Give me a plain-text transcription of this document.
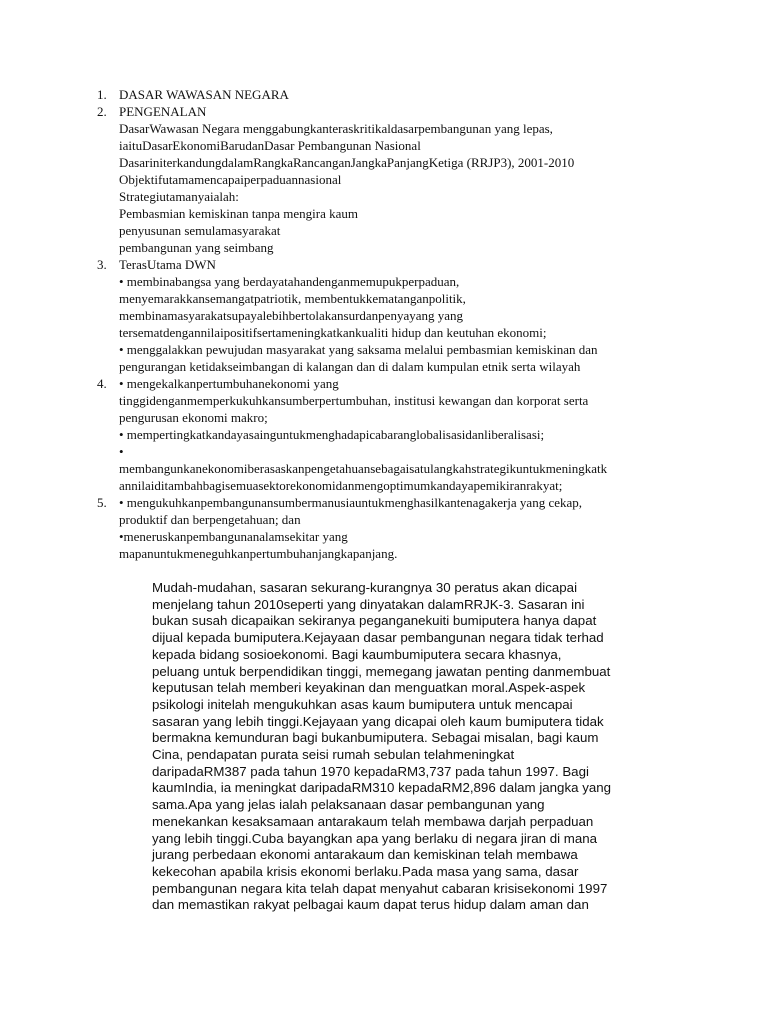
1. DASAR WAWASAN NEGARA
2. PENGENALAN
DasarWawasan Negara menggabungkanteraskritikaldasarpembangunan yang lepas,
iaituDasarEkonomiBarudanDasar Pembangunan Nasional
DasariniterkandungdalamRangkaRancanganJangkaPanjangKetiga (RRJP3), 2001-2010
Objektifutamamencapaiperpaduannasional
Strategiutamanyaialah:
Pembasmian kemiskinan tanpa mengira kaum
penyusunan semulamasyarakat
pembangunan yang seimbang
3. TerasUtama DWN
• membinabangsa yang berdayatahandenganmemupukperpaduan,
menyemarakkansemangatpatriotik, membentukkematanganpolitik,
membinamasyarakatsupayalebihbertolakansurdanpenyayang yang
tersematdengannilaipositifsertameningkatkankualiti hidup dan keutuhan ekonomi;
• menggalakkan pewujudan masyarakat yang saksama melalui pembasmian kemiskinan dan
pengurangan ketidakseimbangan di kalangan dan di dalam kumpulan etnik serta wilayah
4. • mengekalkanpertumbuhanekonomi yang
tinggidenganmemperkukuhkansumberpertumbuhan, institusi kewangan dan korporat serta
pengurusan ekonomi makro;
• mempertingkatkandayasainguntukmenghadapicabaranglobalisasidanliberalisasi;
•
membangunkanekonomiberasaskanpengetahuansebagaisatulangkahstrategikuntukmeningkatk
annilaiditambahbagisemuasektorekonomidanmengoptimumkandayapemikiranrakyat;
5. • mengukuhkanpembangunansumbermanusiauntukmenghasilkantenagakerja yang cekap,
produktif dan berpengetahuan; dan
•meneruskanpembangunanalamsekitar yang
mapanuntukmeneguhkanpertumbuhanjangkapanjang.
Mudah-mudahan, sasaran sekurang-kurangnya 30 peratus akan dicapai
menjelang tahun 2010seperti yang dinyatakan dalamRRJK-3. Sasaran ini
bukan susah dicapaikan sekiranya peganganekuiti bumiputera hanya dapat
dijual kepada bumiputera.Kejayaan dasar pembangunan negara tidak terhad
kepada bidang sosioekonomi. Bagi kaumbumiputera secara khasnya,
peluang untuk berpendidikan tinggi, memegang jawatan penting danmembuat
keputusan telah memberi keyakinan dan menguatkan moral.Aspek-aspek
psikologi initelah mengukuhkan asas kaum bumiputera untuk mencapai
sasaran yang lebih tinggi.Kejayaan yang dicapai oleh kaum bumiputera tidak
bermakna kemunduran bagi bukanbumiputera. Sebagai misalan, bagi kaum
Cina, pendapatan purata seisi rumah sebulan telahmeningkat
daripadaRM387 pada tahun 1970 kepadaRM3,737 pada tahun 1997. Bagi
kaumIndia, ia meningkat daripadaRM310 kepadaRM2,896 dalam jangka yang
sama.Apa yang jelas ialah pelaksanaan dasar pembangunan yang
menekankan kesaksamaan antarakaum telah membawa darjah perpaduan
yang lebih tinggi.Cuba bayangkan apa yang berlaku di negara jiran di mana
jurang perbedaan ekonomi antarakaum dan kemiskinan telah membawa
kekecohan apabila krisis ekonomi berlaku.Pada masa yang sama, dasar
pembangunan negara kita telah dapat menyahut cabaran krisisekonomi 1997
dan memastikan rakyat pelbagai kaum dapat terus hidup dalam aman dan
